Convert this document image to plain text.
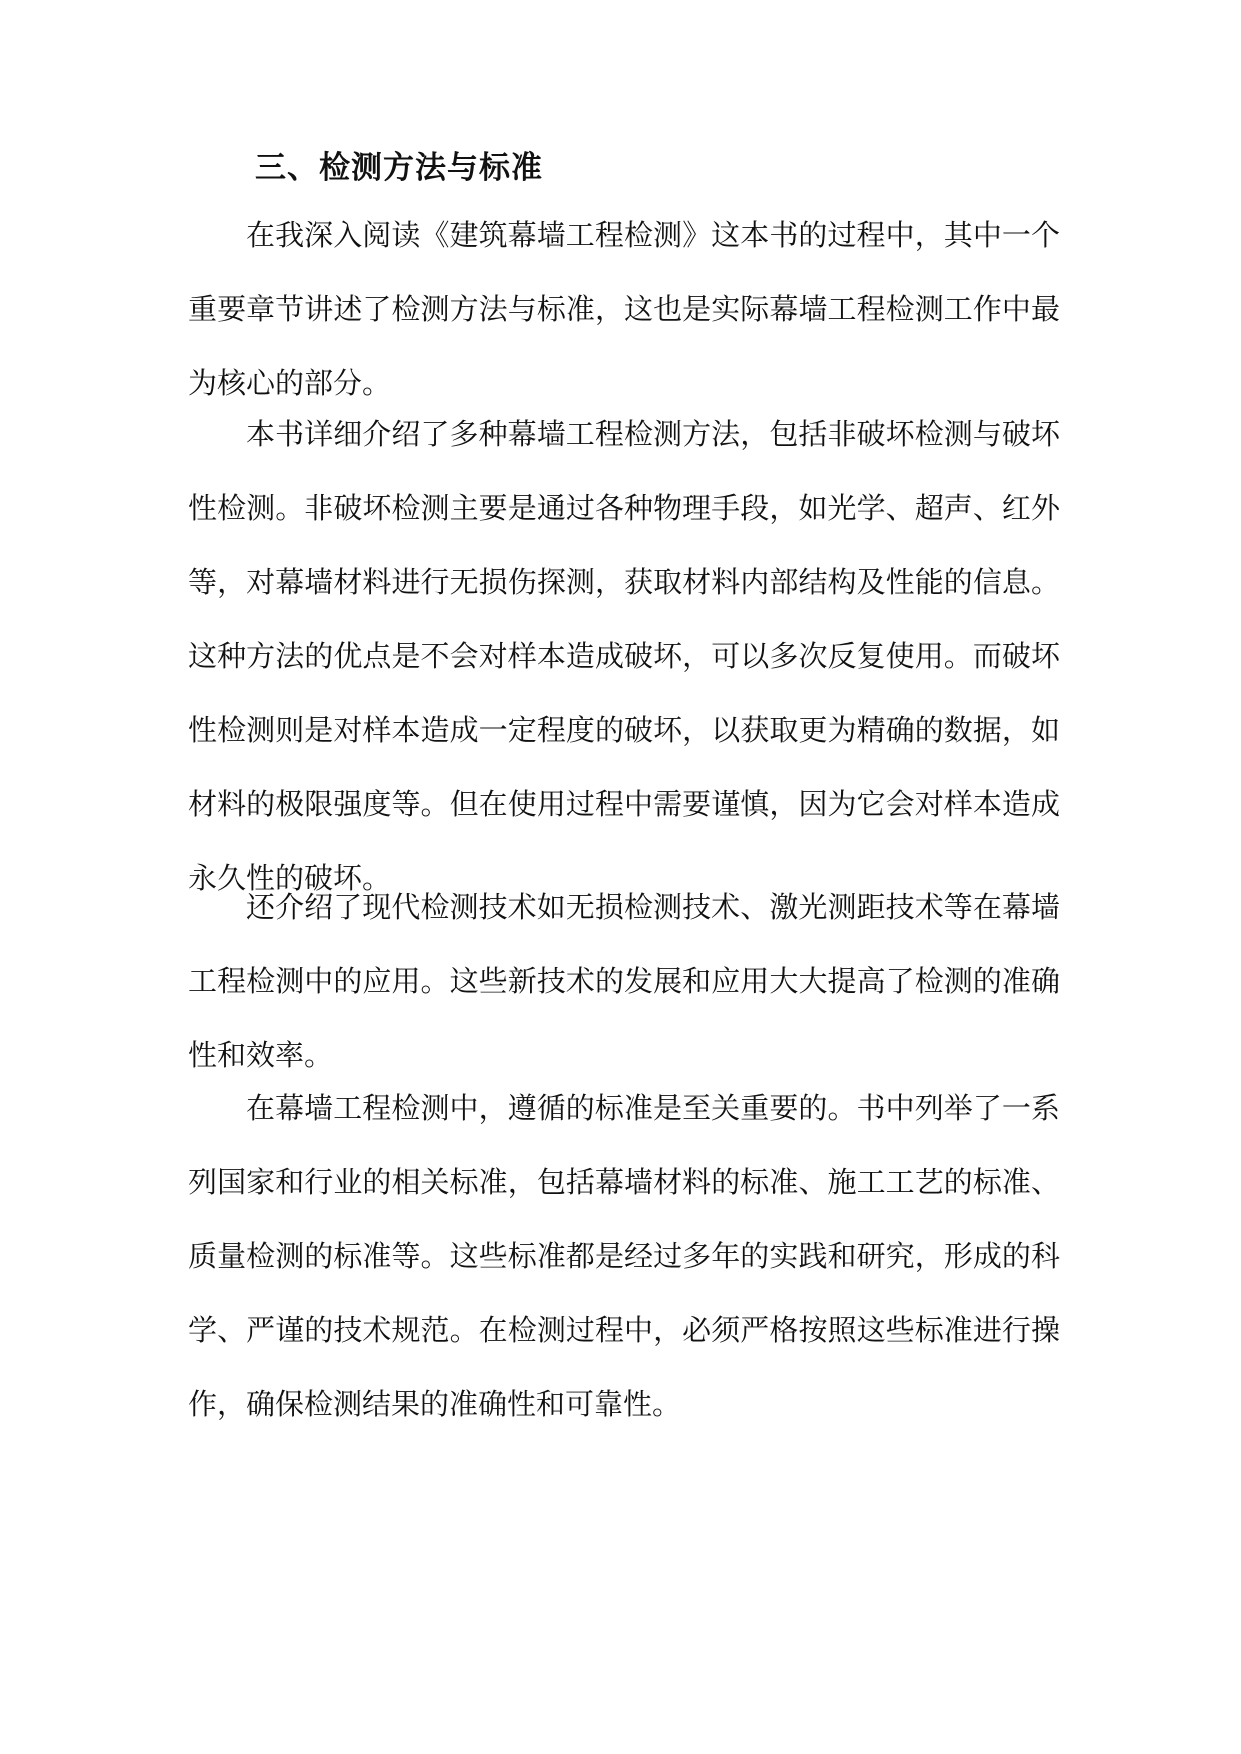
三、检测方法与标准
在我深入阅读《建筑幕墙工程检测》这本书的过程中，其中一个
重要章节讲述了检测方法与标准，这也是实际幕墙工程检测工作中最
为核心的部分。
本书详细介绍了多种幕墙工程检测方法，包括非破坏检测与破坏
性检测。非破坏检测主要是通过各种物理手段，如光学、超声、红外
等，对幕墙材料进行无损伤探测，获取材料内部结构及性能的信息。
这种方法的优点是不会对样本造成破坏，可以多次反复使用。而破坏
性检测则是对样本造成一定程度的破坏，以获取更为精确的数据，如
材料的极限强度等。但在使用过程中需要谨慎，因为它会对样本造成
永久性的破坏。
还介绍了现代检测技术如无损检测技术、激光测距技术等在幕墙
工程检测中的应用。这些新技术的发展和应用大大提高了检测的准确
性和效率。
在幕墙工程检测中，遵循的标准是至关重要的。书中列举了一系
列国家和行业的相关标准，包括幕墙材料的标准、施工工艺的标准、
质量检测的标准等。这些标准都是经过多年的实践和研究，形成的科
学、严谨的技术规范。在检测过程中，必须严格按照这些标准进行操
作，确保检测结果的准确性和可靠性。
